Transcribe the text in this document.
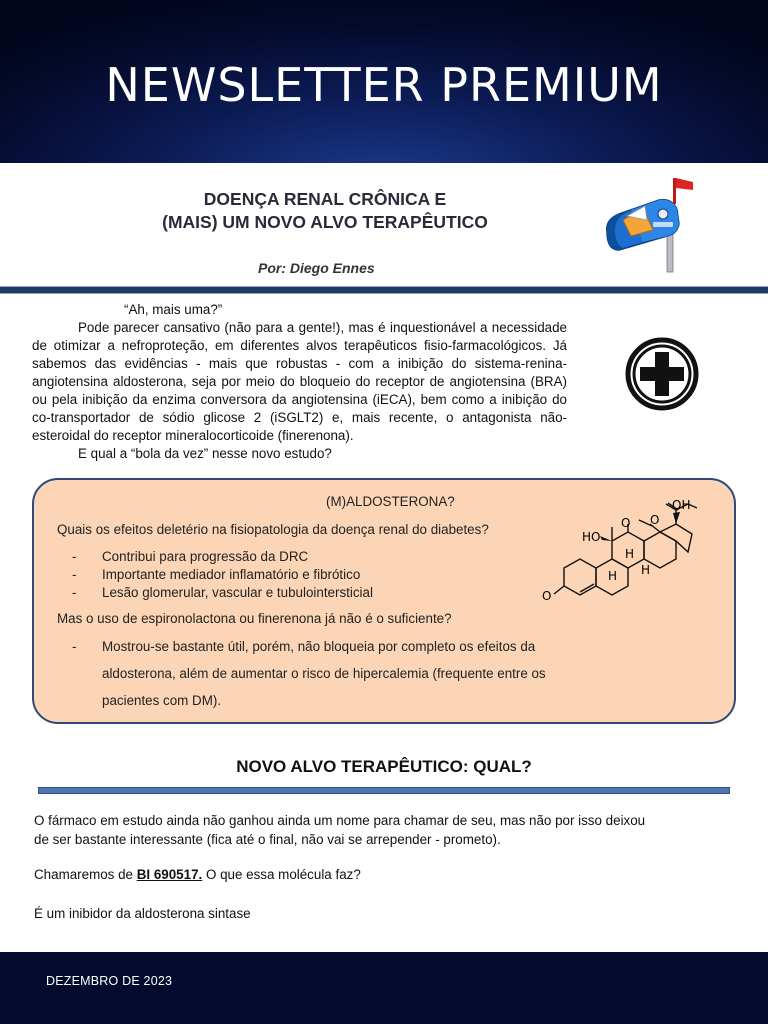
NEWSLETTER PREMIUM
DOENÇA RENAL CRÔNICA E
(MAIS) UM NOVO ALVO TERAPÊUTICO
Por: Diego Ennes

“Ah, mais uma?”

Pode parecer cansativo (não para a gente!), mas é inquestionável a necessidade de otimizar a nefroproteção, em diferentes alvos terapêuticos fisio-farmacológicos. Já sabemos das evidências - mais que robustas - com a inibição do sistema-renina-angiotensina aldosterona, seja por meio do bloqueio do receptor de angiotensina (BRA) ou pela inibição da enzima conversora da angiotensina (iECA), bem como a inibição do co-transportador de sódio glicose 2 (iSGLT2) e, mais recente, o antagonista não-esteroidal do receptor mineralocorticoide (finerenona).

E qual a “bola da vez” nesse novo estudo?

(M)ALDOSTERONA?
Quais os efeitos deletério na fisiopatologia da doença renal do diabetes?
- Contribui para progressão da DRC
- Importante mediador inflamatório e fibrótico
- Lesão glomerular, vascular e tubulointersticial
Mas o uso de espironolactona ou finerenona já não é o suficiente?
- Mostrou-se bastante útil, porém, não bloqueia por completo os efeitos da
aldosterona, além de aumentar o risco de hipercalemia (frequente entre os
pacientes com DM).
OH
HO
H
H
H
O
O O
NOVO ALVO TERAPÊUTICO: QUAL?
O fármaco em estudo ainda não ganhou ainda um nome para chamar de seu, mas não por isso deixou
de ser bastante interessante (fica até o final, não vai se arrepender - prometo).
Chamaremos de BI 690517. O que essa molécula faz?
É um inibidor da aldosterona sintase
DEZEMBRO DE 2023
